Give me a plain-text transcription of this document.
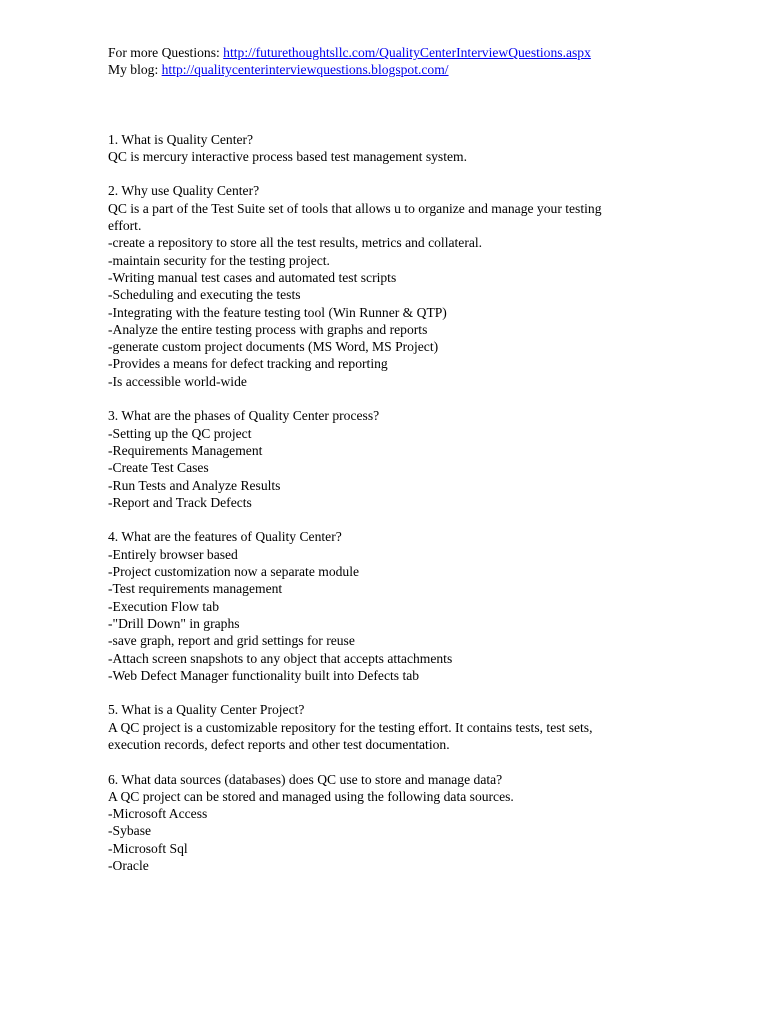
For more Questions: http://futurethoughtsllc.com/QualityCenterInterviewQuestions.aspx
My blog: http://qualitycenterinterviewquestions.blogspot.com/
1. What is Quality Center?
QC is mercury interactive process based test management system.
2. Why use Quality Center?
QC is a part of the Test Suite set of tools that allows u to organize and manage your testing
effort.
-create a repository to store all the test results, metrics and collateral.
-maintain security for the testing project.
-Writing manual test cases and automated test scripts
-Scheduling and executing the tests
-Integrating with the feature testing tool (Win Runner & QTP)
-Analyze the entire testing process with graphs and reports
-generate custom project documents (MS Word, MS Project)
-Provides a means for defect tracking and reporting
-Is accessible world-wide
3. What are the phases of Quality Center process?
-Setting up the QC project
-Requirements Management
-Create Test Cases
-Run Tests and Analyze Results
-Report and Track Defects
4. What are the features of Quality Center?
-Entirely browser based
-Project customization now a separate module
-Test requirements management
-Execution Flow tab
-"Drill Down" in graphs
-save graph, report and grid settings for reuse
-Attach screen snapshots to any object that accepts attachments
-Web Defect Manager functionality built into Defects tab
5. What is a Quality Center Project?
A QC project is a customizable repository for the testing effort. It contains tests, test sets,
execution records, defect reports and other test documentation.
6. What data sources (databases) does QC use to store and manage data?
A QC project can be stored and managed using the following data sources.
-Microsoft Access
-Sybase
-Microsoft Sql
-Oracle
